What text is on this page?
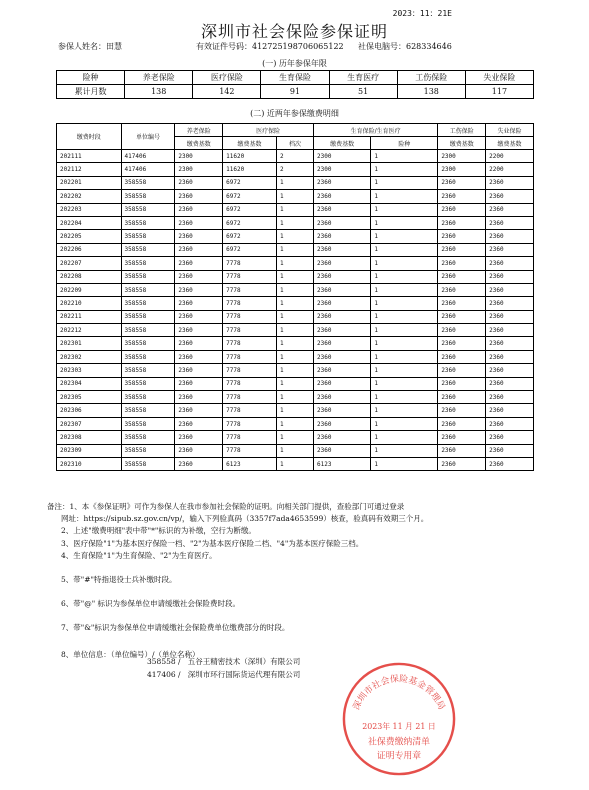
2023：11：21E
深圳市社会保险参保证明
参保人姓名：田慧	有效证件号码：412725198706065122 社保电脑号：628334646
(一) 历年参保年限
险种	养老保险	医疗保险	生育保险	生育医疗	工伤保险	失业保险
累计月数	138	142	91	51	138	117
(二) 近两年参保缴费明细
缴费时段	单位编号	养老保险	医疗保险		生育保险/生育医疗		工伤保险	失业保险
		缴费基数	缴费基数	档次	缴费基数	险种	缴费基数	缴费基数
202111	417406	2300	11620	2	2300	1	2300	2200
202112	417406	2300	11620	2	2300	1	2300	2200
202201	358558	2360	6972	1	2360	1	2360	2360
202202	358558	2360	6972	1	2360	1	2360	2360
202203	358558	2360	6972	1	2360	1	2360	2360
202204	358558	2360	6972	1	2360	1	2360	2360
202205	358558	2360	6972	1	2360	1	2360	2360
202206	358558	2360	6972	1	2360	1	2360	2360
202207	358558	2360	7778	1	2360	1	2360	2360
202208	358558	2360	7778	1	2360	1	2360	2360
202209	358558	2360	7778	1	2360	1	2360	2360
202210	358558	2360	7778	1	2360	1	2360	2360
202211	358558	2360	7778	1	2360	1	2360	2360
202212	358558	2360	7778	1	2360	1	2360	2360
202301	358558	2360	7778	1	2360	1	2360	2360
202302	358558	2360	7778	1	2360	1	2360	2360
202303	358558	2360	7778	1	2360	1	2360	2360
202304	358558	2360	7778	1	2360	1	2360	2360
202305	358558	2360	7778	1	2360	1	2360	2360
202306	358558	2360	7778	1	2360	1	2360	2360
202307	358558	2360	7778	1	2360	1	2360	2360
202308	358558	2360	7778	1	2360	1	2360	2360
202309	358558	2360	7778	1	2360	1	2360	2360
202310	358558	2360	6123	1	6123	1	2360	2360
备注：1、本《参保证明》可作为参保人在我市参加社会保险的证明。向相关部门提供，查验部门可通过登录
网址：https://sipub.sz.gov.cn/vp/，输入下列验真码（3357f7ada4653599）核查，验真码有效期三个月。
2、上述"缴费明细"表中带"*"标识的为补缴，空行为断缴。
3、医疗保险"1"为基本医疗保险一档、"2"为基本医疗保险二档、"4"为基本医疗保险三档。
4、生育保险"1"为生育保险、"2"为生育医疗。
5、带"#"特指退役士兵补缴时段。
6、带"@" 标识为参保单位申请缓缴社会保险费时段。
7、带"&"标识为参保单位申请缓缴社会保险费单位缴费部分的时段。
8、单位信息：（单位编号）/（单位名称）
358558 / 五谷王精密技术（深圳）有限公司
417406 / 深圳市环行国际货运代理有限公司
深圳市社会保险基金管理局
2023年 11 月 21 日
社保费缴纳清单
证明专用章
